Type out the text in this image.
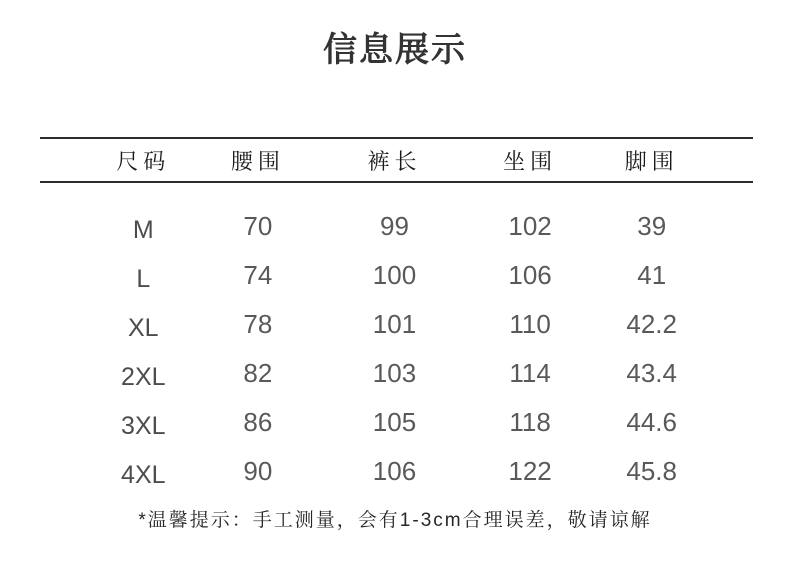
信息展示
尺码	腰围	裤长	坐围	脚围
M	70	99	102	39
L	74	100	106	41
XL	78	101	110	42.2
2XL	82	103	114	43.4
3XL	86	105	118	44.6
4XL	90	106	122	45.8
*温馨提示：手工测量，会有1-3cm合理误差，敬请谅解
